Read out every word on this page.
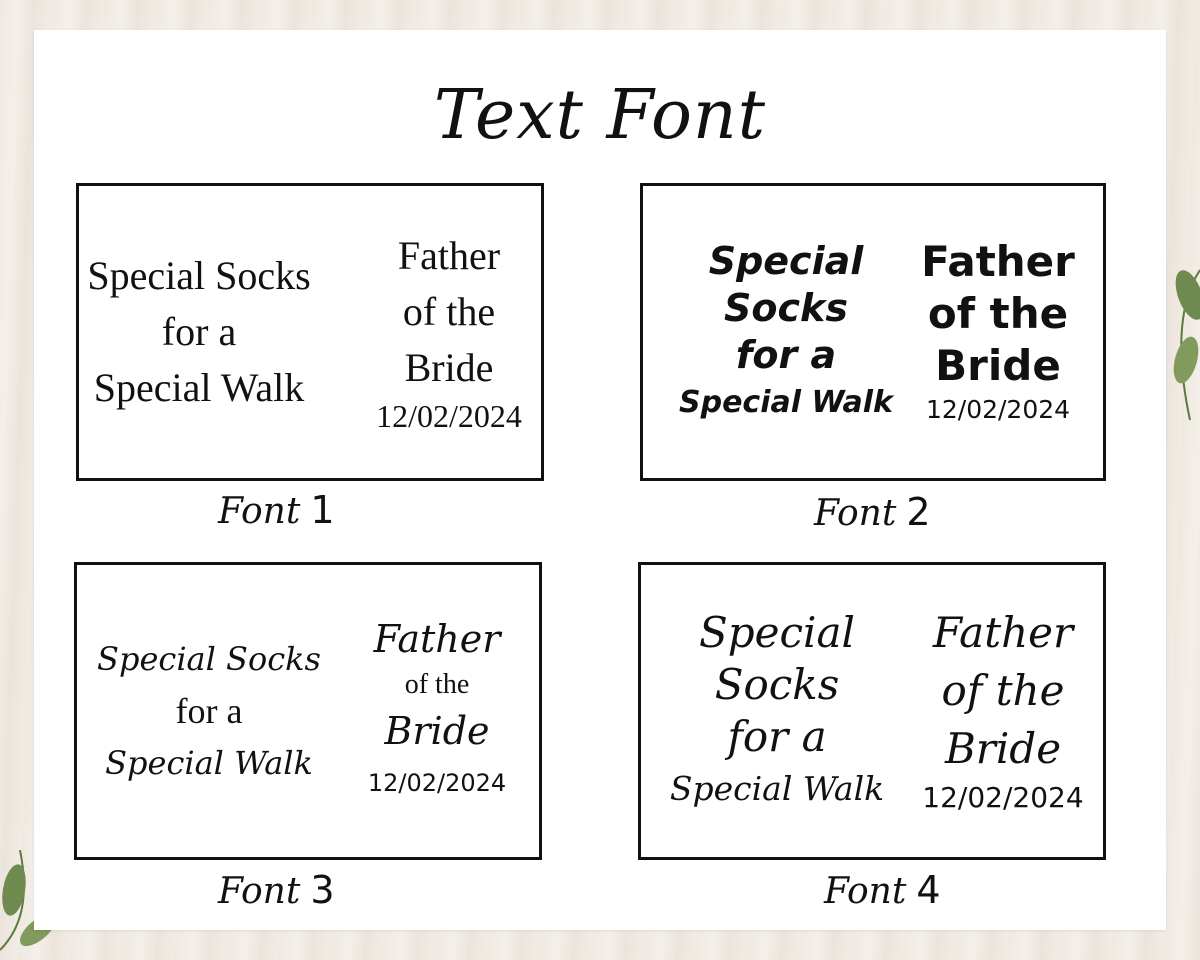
Text Font
Special Socks
for a
Special Walk
Father
of the
Bride
12/02/2024
Font 1
Special
Socks
for a
Special Walk
Father
of the
Bride
12/02/2024
Font 2
Special Socks
for a
Special Walk
Father
of the
Bride
12/02/2024
Font 3
Special
Socks
for a
Special Walk
Father
of the
Bride
12/02/2024
Font 4
